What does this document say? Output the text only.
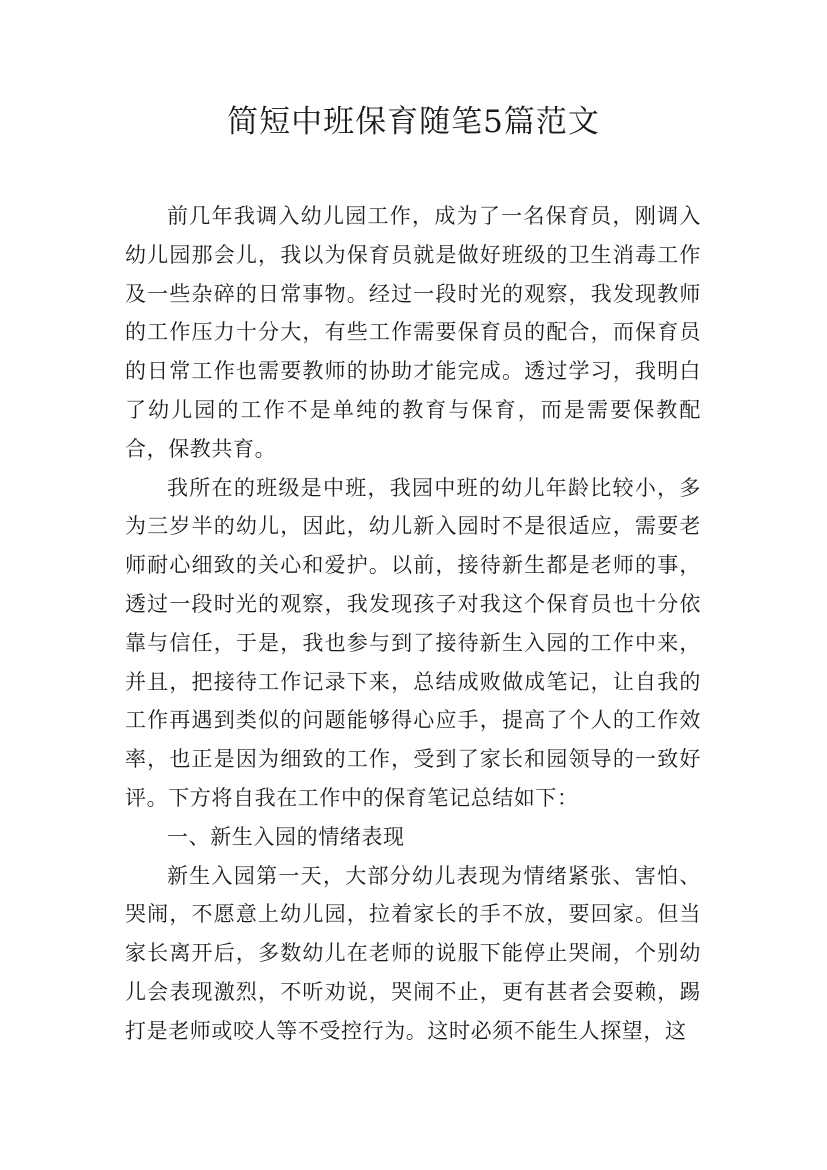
简短中班保育随笔5篇范文

前几年我调入幼儿园工作，成为了一名保育员，刚调入幼儿园那会儿，我以为保育员就是做好班级的卫生消毒工作及一些杂碎的日常事物。经过一段时光的观察，我发现教师的工作压力十分大，有些工作需要保育员的配合，而保育员的日常工作也需要教师的协助才能完成。透过学习，我明白了幼儿园的工作不是单纯的教育与保育，而是需要保教配合，保教共育。

我所在的班级是中班，我园中班的幼儿年龄比较小，多为三岁半的幼儿，因此，幼儿新入园时不是很适应，需要老师耐心细致的关心和爱护。以前，接待新生都是老师的事，透过一段时光的观察，我发现孩子对我这个保育员也十分依靠与信任，于是，我也参与到了接待新生入园的工作中来，并且，把接待工作记录下来，总结成败做成笔记，让自我的工作再遇到类似的问题能够得心应手，提高了个人的工作效率，也正是因为细致的工作，受到了家长和园领导的一致好评。下方将自我在工作中的保育笔记总结如下：

一、新生入园的情绪表现

新生入园第一天，大部分幼儿表现为情绪紧张、害怕、哭闹，不愿意上幼儿园，拉着家长的手不放，要回家。但当家长离开后，多数幼儿在老师的说服下能停止哭闹，个别幼儿会表现激烈，不听劝说，哭闹不止，更有甚者会耍赖，踢打是老师或咬人等不受控行为。这时必须不能生人探望，这
